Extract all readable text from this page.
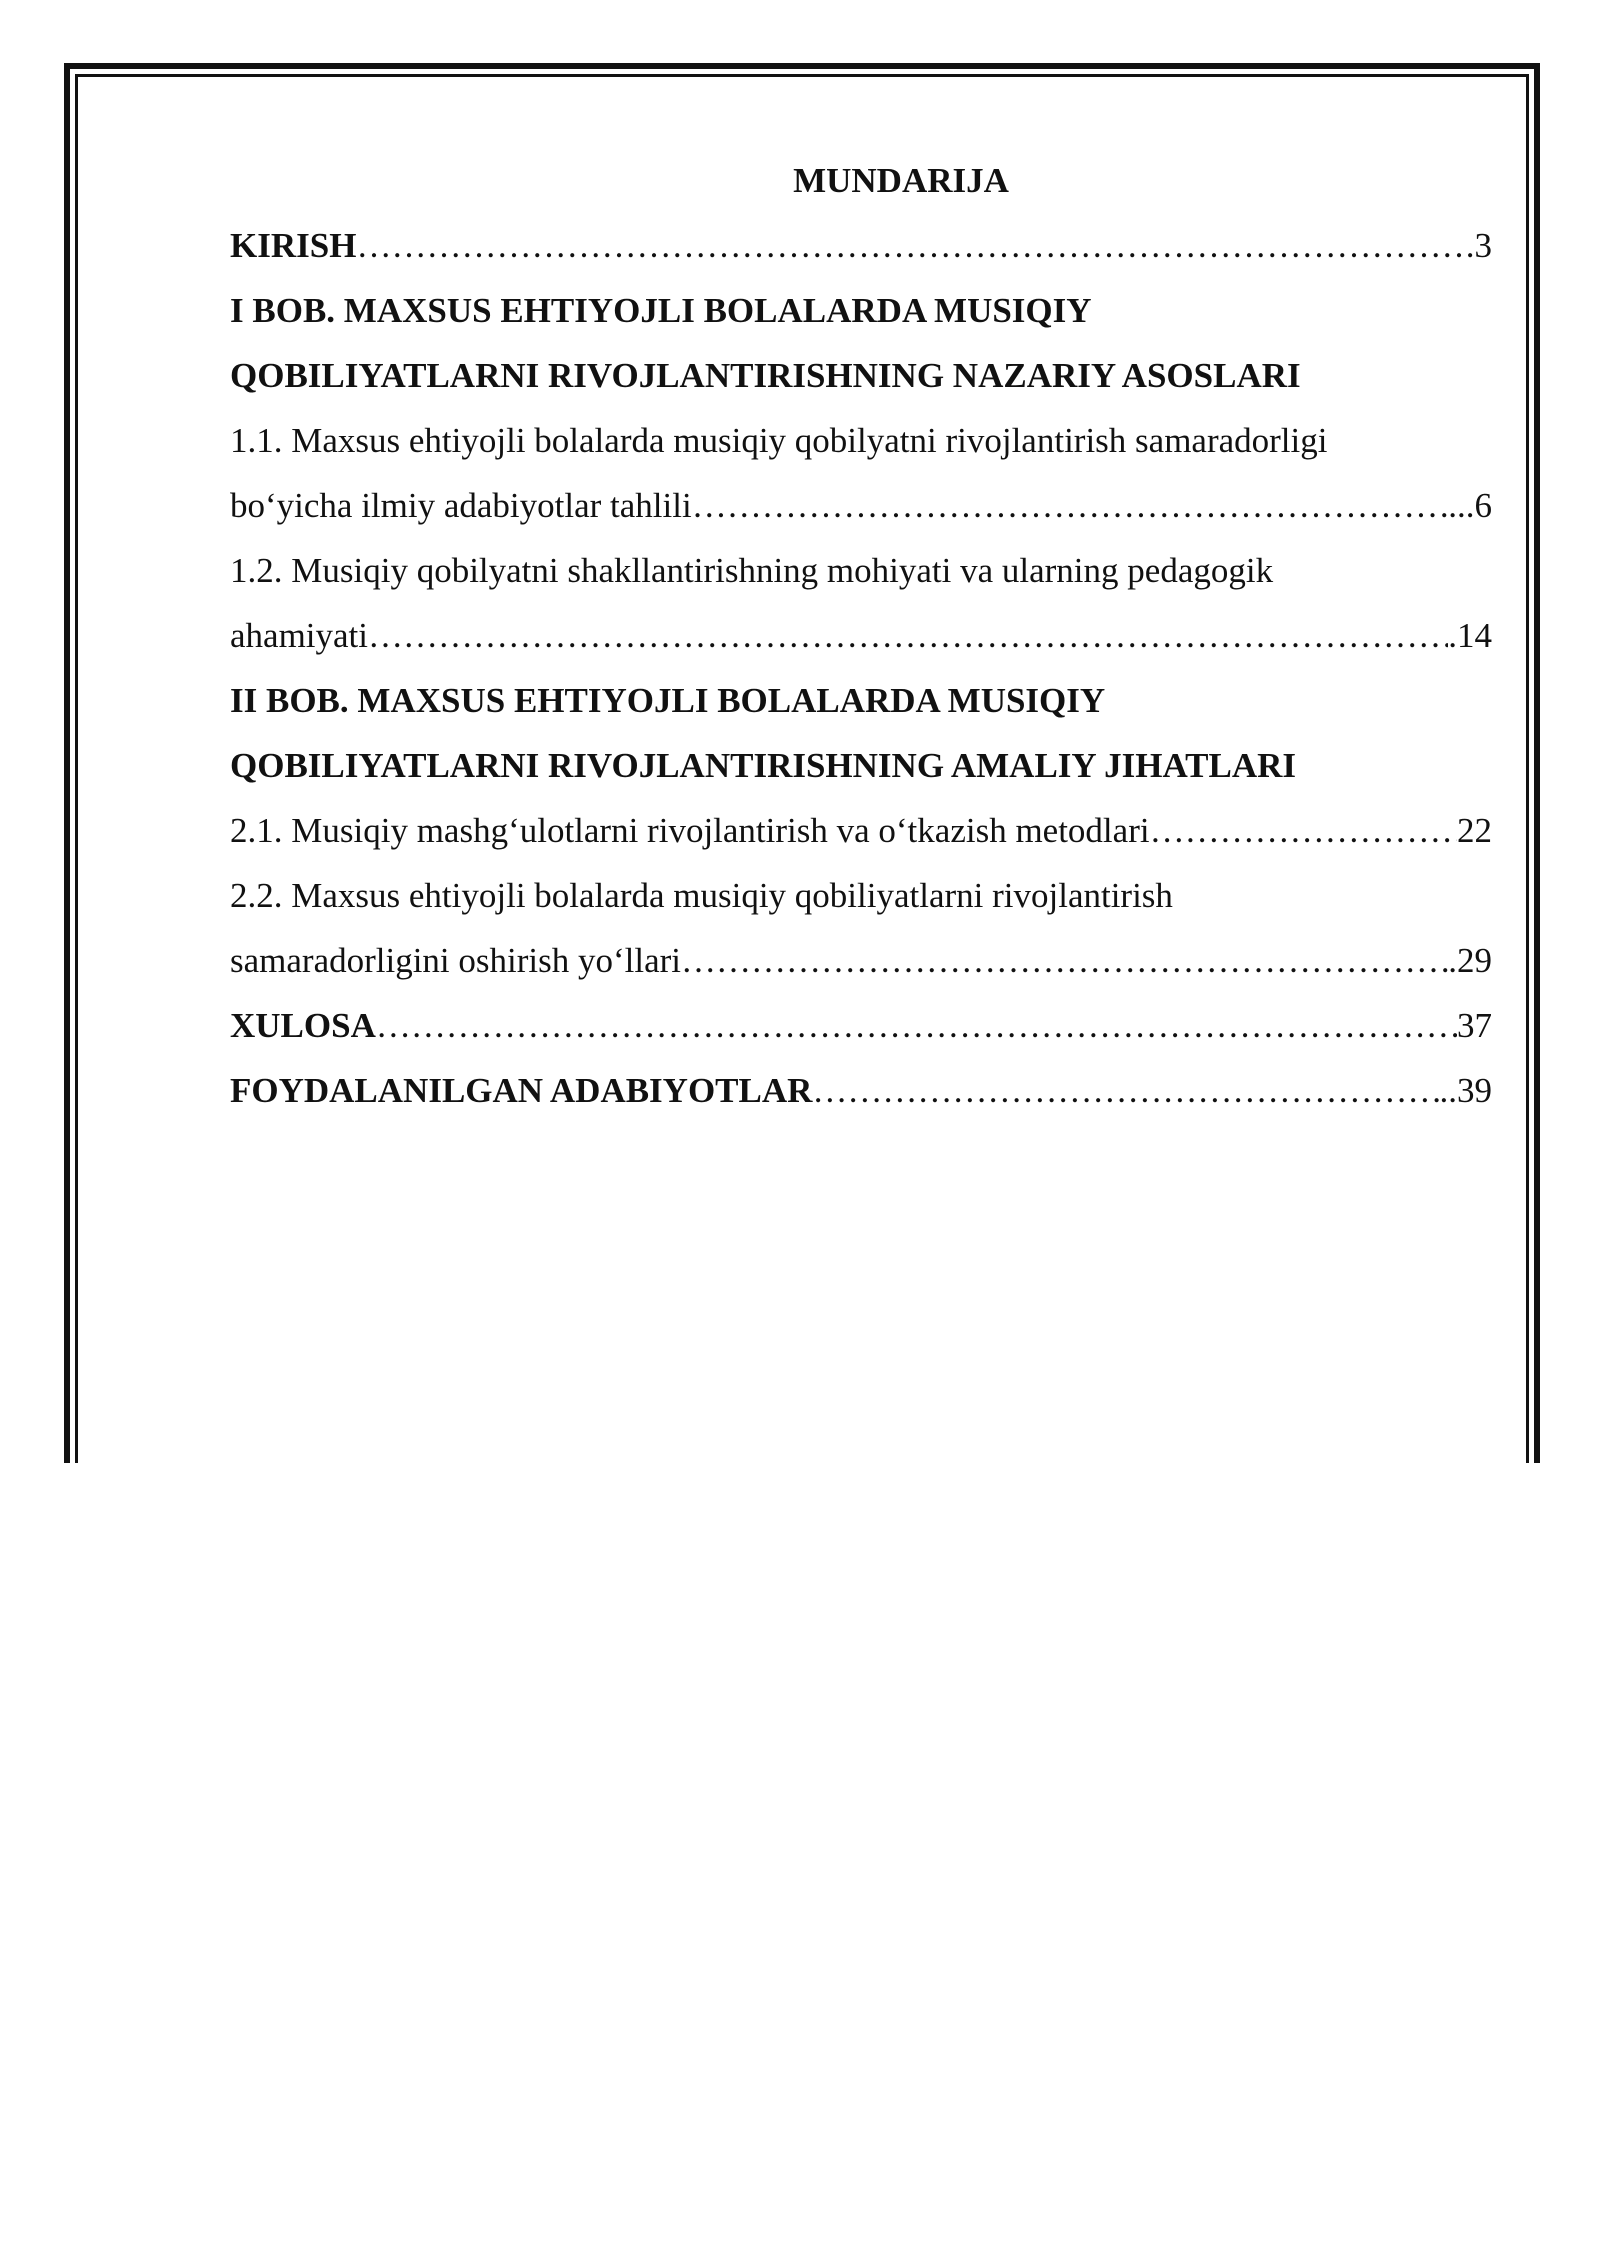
MUNDARIJA
KIRISH ……………………………………………………………………………………………………………………………………………………………………	.3
I BOB. MAXSUS EHTIYOJLI BOLALARDA MUSIQIY
QOBILIYATLARNI RIVOJLANTIRISHNING NAZARIY ASOSLARI
1.1. Maxsus ehtiyojli bolalarda musiqiy qobilyatni rivojlantirish samaradorligi
bo‘yicha ilmiy adabiyotlar tahlili ……………………………………………………………………………………………………………………………………………………………………	...6
1.2. Musiqiy qobilyatni shakllantirishning mohiyati va ularning pedagogik
ahamiyati ……………………………………………………………………………………………………………………………………………………………………	.14
II BOB. MAXSUS EHTIYOJLI BOLALARDA MUSIQIY
QOBILIYATLARNI RIVOJLANTIRISHNING AMALIY JIHATLARI
2.1. Musiqiy mashg‘ulotlarni rivojlantirish va o‘tkazish metodlari ……………………………………………………………………………………………………………………………………………………………………	22
2.2. Maxsus ehtiyojli bolalarda musiqiy qobiliyatlarni rivojlantirish
samaradorligini oshirish yo‘llari ……………………………………………………………………………………………………………………………………………………………………	.29
XULOSA ……………………………………………………………………………………………………………………………………………………………………	37
FOYDALANILGAN ADABIYOTLAR ……………………………………………………………………………………………………………………………………………………………………	..39
